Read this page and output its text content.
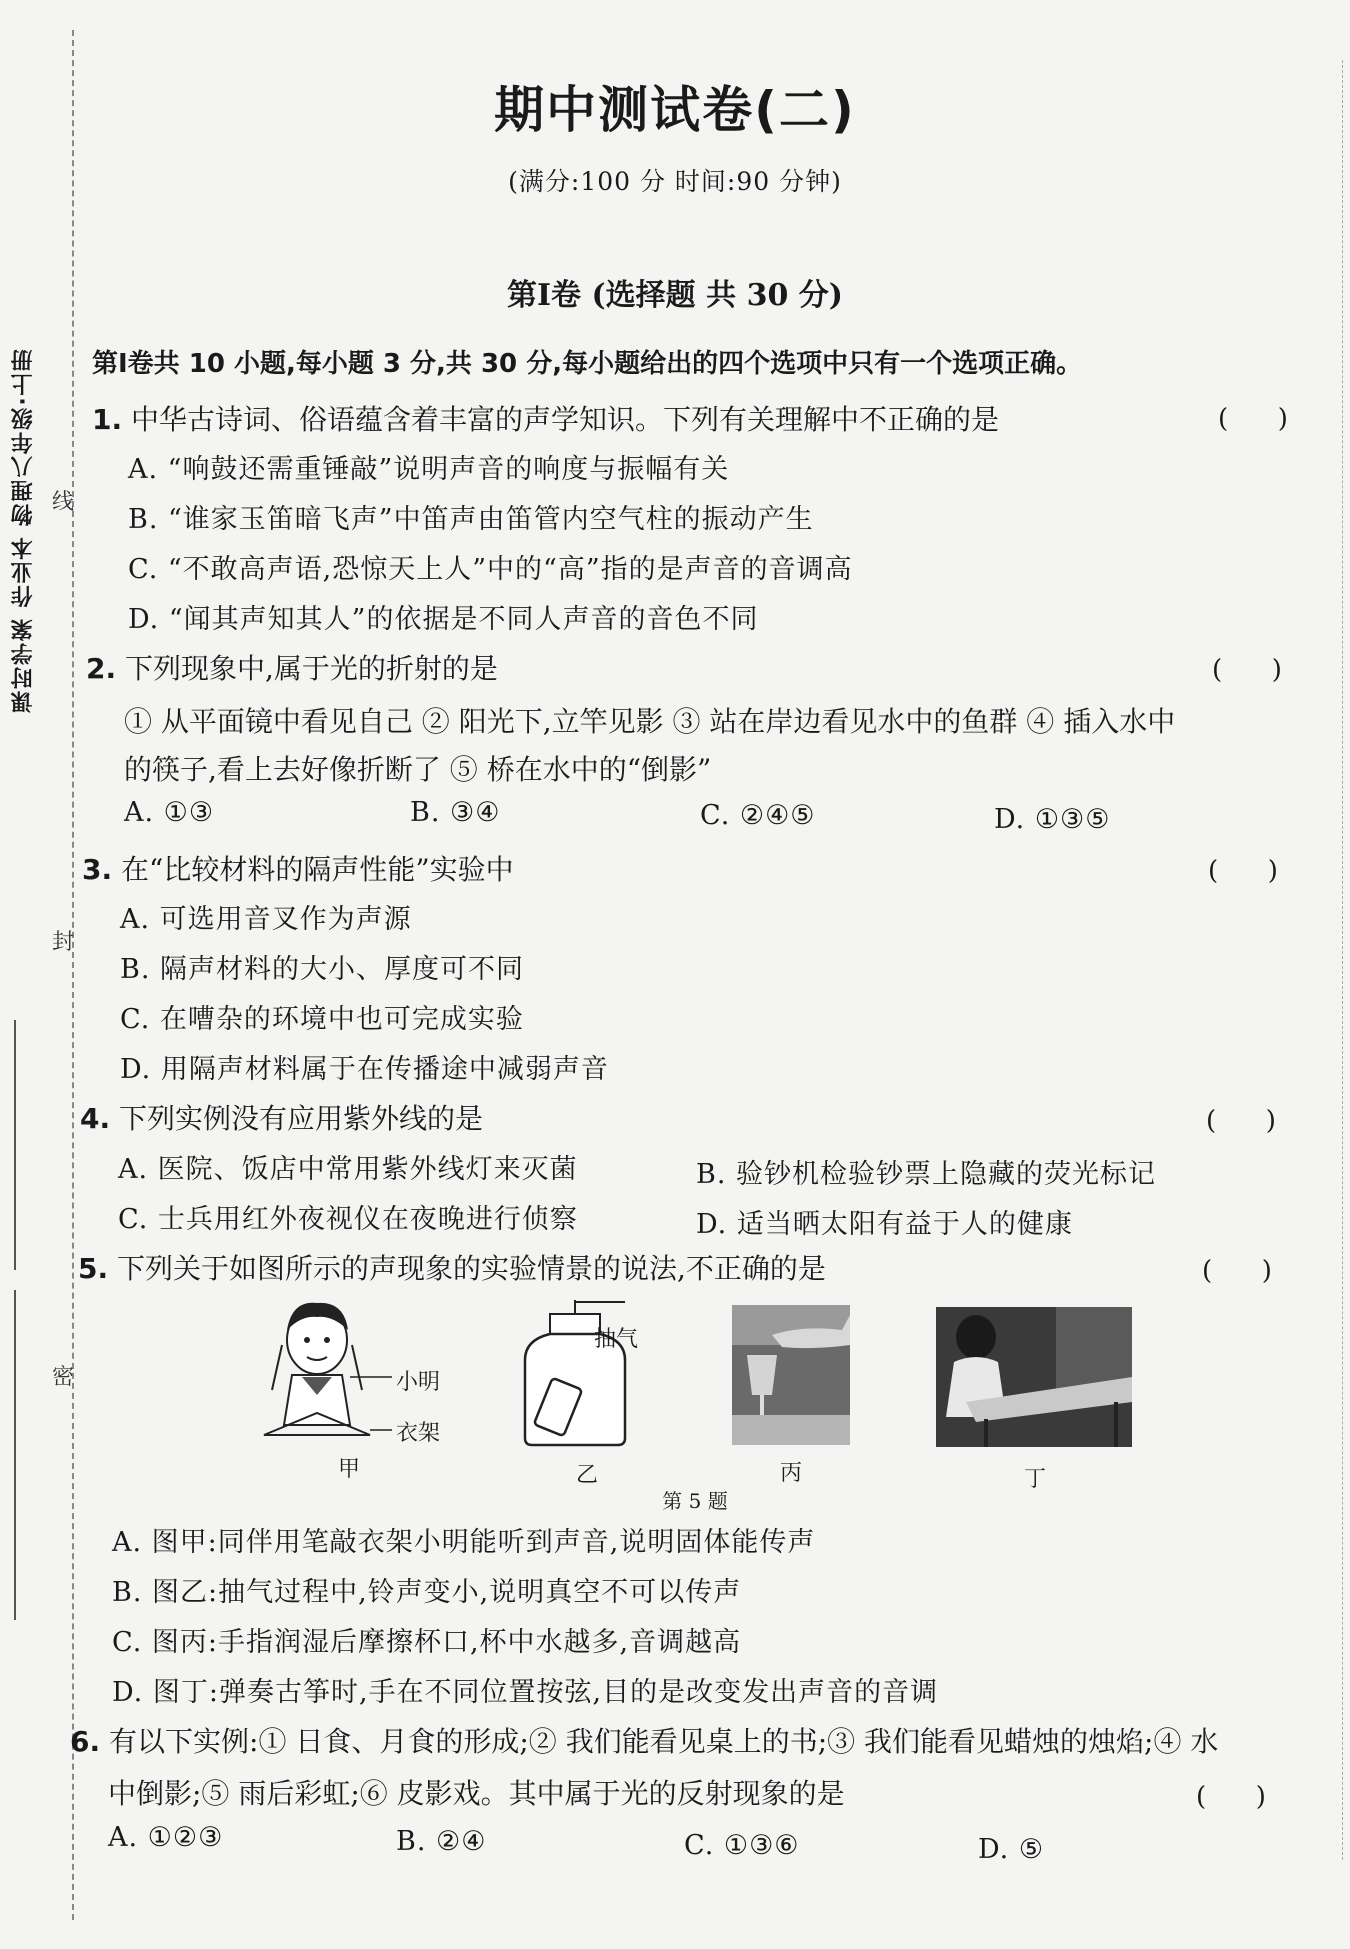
课时学案 作业本 物理八年级·上册 线
封
密
期中测试卷(二)
(满分:100 分 时间:90 分钟)
第Ⅰ卷 (选择题 共 30 分)
第Ⅰ卷共 10 小题,每小题 3 分,共 30 分,每小题给出的四个选项中只有一个选项正确。
1. 中华古诗词、俗语蕴含着丰富的声学知识。下列有关理解中不正确的是	(      )
A. “响鼓还需重锤敲”说明声音的响度与振幅有关
B. “谁家玉笛暗飞声”中笛声由笛管内空气柱的振动产生
C. “不敢高声语,恐惊天上人”中的“高”指的是声音的音调高
D. “闻其声知其人”的依据是不同人声音的音色不同
2. 下列现象中,属于光的折射的是	(      )
① 从平面镜中看见自己 ② 阳光下,立竿见影 ③ 站在岸边看见水中的鱼群 ④ 插入水中
的筷子,看上去好像折断了 ⑤ 桥在水中的“倒影”
A. ①③	B. ③④	C. ②④⑤	D. ①③⑤
3. 在“比较材料的隔声性能”实验中	(      )
A. 可选用音叉作为声源
B. 隔声材料的大小、厚度可不同
C. 在嘈杂的环境中也可完成实验
D. 用隔声材料属于在传播途中减弱声音
4. 下列实例没有应用紫外线的是	(      )
A. 医院、饭店中常用紫外线灯来灭菌	B. 验钞机检验钞票上隐藏的荧光标记
C. 士兵用红外夜视仪在夜晚进行侦察	D. 适当晒太阳有益于人的健康
5. 下列关于如图所示的声现象的实验情景的说法,不正确的是	(      )
小明
衣架
甲
抽气
乙	丙	丁
第 5 题
A. 图甲:同伴用笔敲衣架小明能听到声音,说明固体能传声
B. 图乙:抽气过程中,铃声变小,说明真空不可以传声
C. 图丙:手指润湿后摩擦杯口,杯中水越多,音调越高
D. 图丁:弹奏古筝时,手在不同位置按弦,目的是改变发出声音的音调
6. 有以下实例:① 日食、月食的形成;② 我们能看见桌上的书;③ 我们能看见蜡烛的烛焰;④ 水
中倒影;⑤ 雨后彩虹;⑥ 皮影戏。其中属于光的反射现象的是	(      )
A. ①②③	B. ②④	C. ①③⑥	D. ⑤
